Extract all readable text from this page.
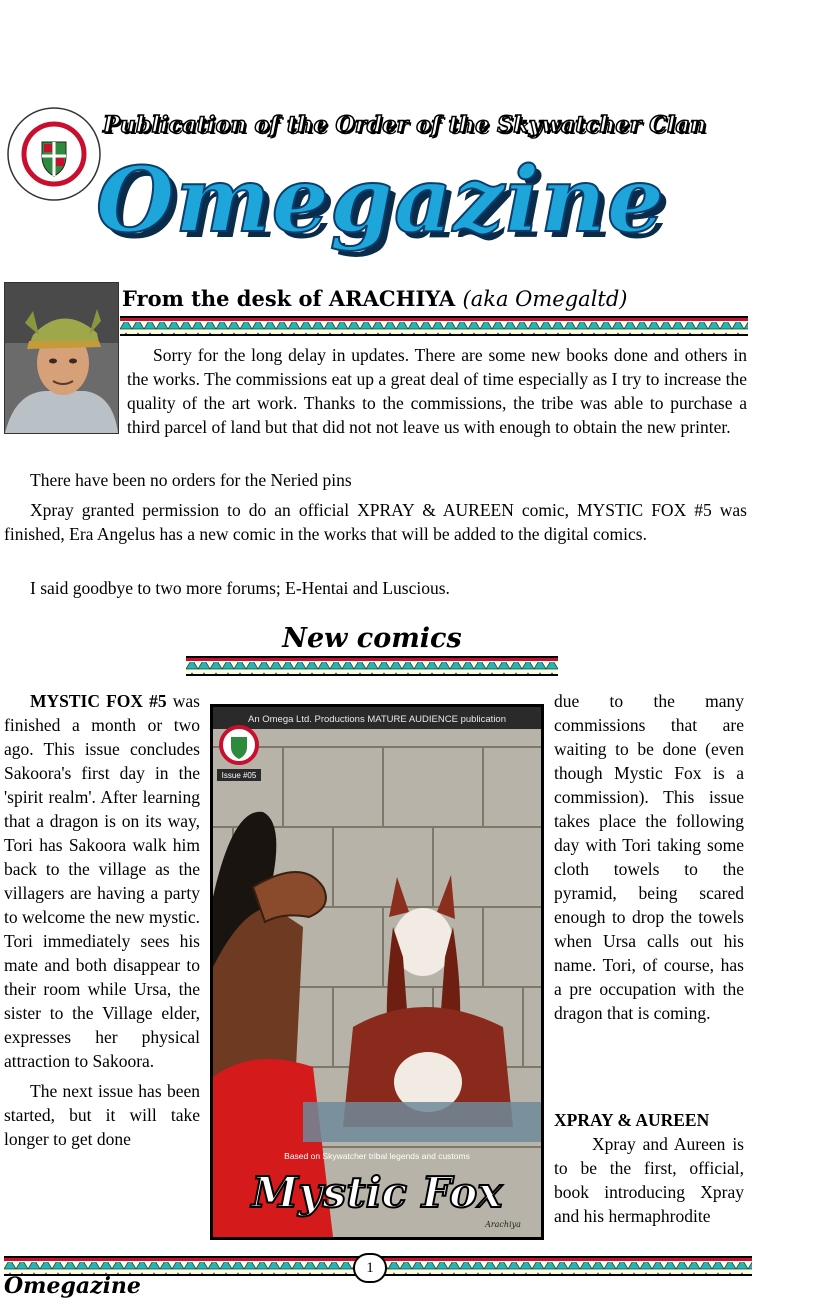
Publication of the Order of the Skywatcher Clan
Omegazine
From the desk of ARACHIYA (aka Omegaltd)

Sorry for the long delay in updates. There are some new books done and others in the works. The commissions eat up a great deal of time especially as I try to increase the quality of the art work. Thanks to the commissions, the tribe was able to purchase a third parcel of land but that did not not leave us with enough to obtain the new printer.

There have been no orders for the Neried pins

Xpray granted permission to do an official XPRAY & AUREEN comic, MYSTIC FOX #5 was finished, Era Angelus has a new comic in the works that will be added to the digital comics.

I said goodbye to two more forums; E-Hentai and Luscious.

New comics

MYSTIC FOX #5 was finished a month or two ago. This issue concludes Sakoora's first day in the 'spirit realm'. After learning that a dragon is on its way, Tori has Sakoora walk him back to the village as the villagers are having a party to welcome the new mystic. Tori immediately sees his mate and both disappear to their room while Ursa, the sister to the Village elder, expresses her physical attraction to Sakoora.

The next issue has been started, but it will take longer to get done

An Omega Ltd. Productions MATURE AUDIENCE publication
Issue #05
Based on Skywatcher tribal legends and customs
Mystic Fox
Arachiya

due to the many commissions that are waiting to be done (even though Mystic Fox is a commission). This issue takes place the following day with Tori taking some cloth towels to the pyramid, being scared enough to drop the towels when Ursa calls out his name. Tori, of course, has a pre occupation with the dragon that is coming.

XPRAY & AUREEN

Xpray and Aureen is to be the first, official, book introducing Xpray and his hermaphrodite

1
Omegazine
